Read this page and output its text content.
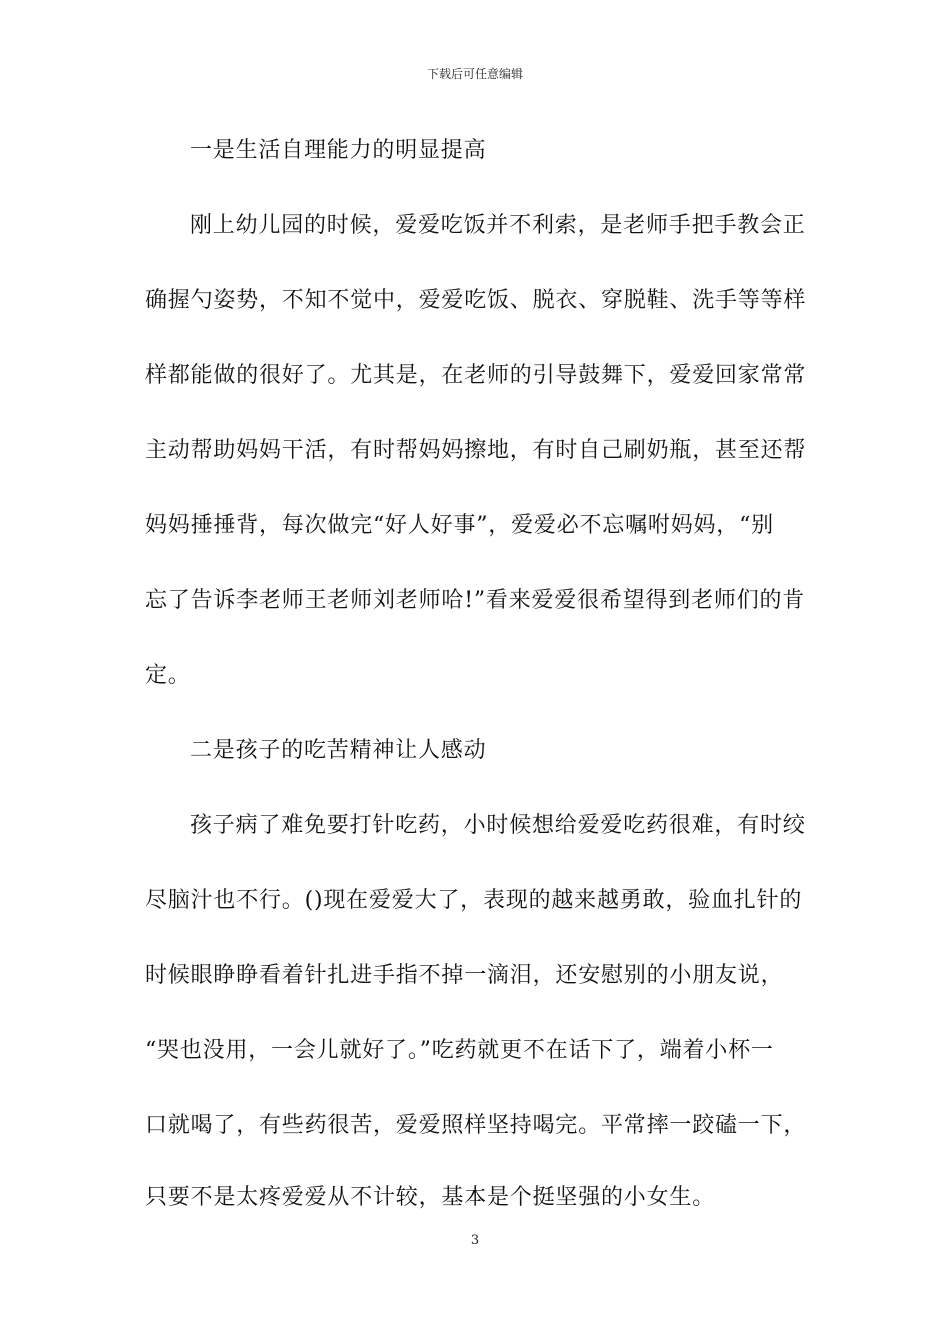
下载后可任意编辑
一是生活自理能力的明显提高
刚上幼儿园的时候，爱爱吃饭并不利索，是老师手把手教会正
确握勺姿势，不知不觉中，爱爱吃饭、脱衣、穿脱鞋、洗手等等样
样都能做的很好了。尤其是，在老师的引导鼓舞下，爱爱回家常常
主动帮助妈妈干活，有时帮妈妈擦地，有时自己刷奶瓶，甚至还帮
妈妈捶捶背，每次做完“好人好事”，爱爱必不忘嘱咐妈妈，“别
忘了告诉李老师王老师刘老师哈!”看来爱爱很希望得到老师们的肯
定。
二是孩子的吃苦精神让人感动
孩子病了难免要打针吃药，小时候想给爱爱吃药很难，有时绞
尽脑汁也不行。()现在爱爱大了，表现的越来越勇敢，验血扎针的
时候眼睁睁看着针扎进手指不掉一滴泪，还安慰别的小朋友说，
“哭也没用，一会儿就好了。”吃药就更不在话下了，端着小杯一
口就喝了，有些药很苦，爱爱照样坚持喝完。平常摔一跤磕一下，
只要不是太疼爱爱从不计较，基本是个挺坚强的小女生。
3
